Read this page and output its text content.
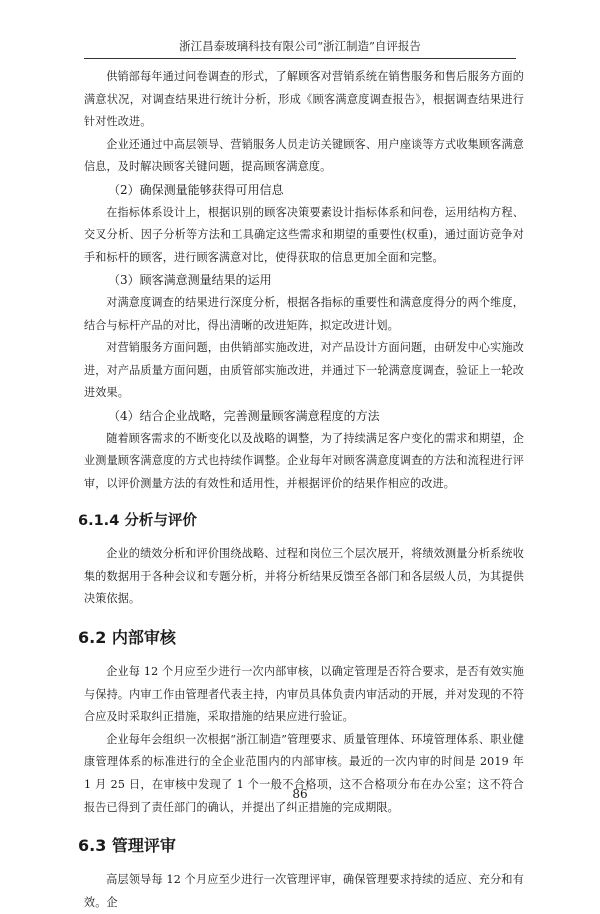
浙江昌泰玻璃科技有限公司“浙江制造”自评报告

供销部每年通过问卷调查的形式，了解顾客对营销系统在销售服务和售后服务方面的满意状况，对调查结果进行统计分析，形成《顾客满意度调查报告》，根据调查结果进行针对性改进。

企业还通过中高层领导、营销服务人员走访关键顾客、用户座谈等方式收集顾客满意信息，及时解决顾客关键问题，提高顾客满意度。

（2）确保测量能够获得可用信息

在指标体系设计上，根据识别的顾客决策要素设计指标体系和问卷，运用结构方程、交叉分析、因子分析等方法和工具确定这些需求和期望的重要性(权重)，通过面访竞争对手和标杆的顾客，进行顾客满意对比，使得获取的信息更加全面和完整。

（3）顾客满意测量结果的运用

对满意度调查的结果进行深度分析，根据各指标的重要性和满意度得分的两个维度，结合与标杆产品的对比，得出清晰的改进矩阵，拟定改进计划。

对营销服务方面问题，由供销部实施改进，对产品设计方面问题，由研发中心实施改进，对产品质量方面问题，由质管部实施改进，并通过下一轮满意度调查，验证上一轮改进效果。

（4）结合企业战略，完善测量顾客满意程度的方法

随着顾客需求的不断变化以及战略的调整，为了持续满足客户变化的需求和期望，企业测量顾客满意度的方式也持续作调整。企业每年对顾客满意度调查的方法和流程进行评审，以评价测量方法的有效性和适用性，并根据评价的结果作相应的改进。

6.1.4 分析与评价

企业的绩效分析和评价围绕战略、过程和岗位三个层次展开，将绩效测量分析系统收集的数据用于各种会议和专题分析，并将分析结果反馈至各部门和各层级人员，为其提供决策依据。

6.2 内部审核

企业每 12 个月应至少进行一次内部审核，以确定管理是否符合要求，是否有效实施与保持。内审工作由管理者代表主持，内审员具体负责内审活动的开展，并对发现的不符合应及时采取纠正措施，采取措施的结果应进行验证。

企业每年会组织一次根据“浙江制造”管理要求、质量管理体、环境管理体系、职业健康管理体系的标准进行的全企业范围内的内部审核。最近的一次内审的时间是 2019 年 1 月 25 日，在审核中发现了 1 个一般不合格项，这不合格项分布在办公室；这不符合报告已得到了责任部门的确认，并提出了纠正措施的完成期限。

6.3 管理评审

高层领导每 12 个月应至少进行一次管理评审，确保管理要求持续的适应、充分和有效。企

86
